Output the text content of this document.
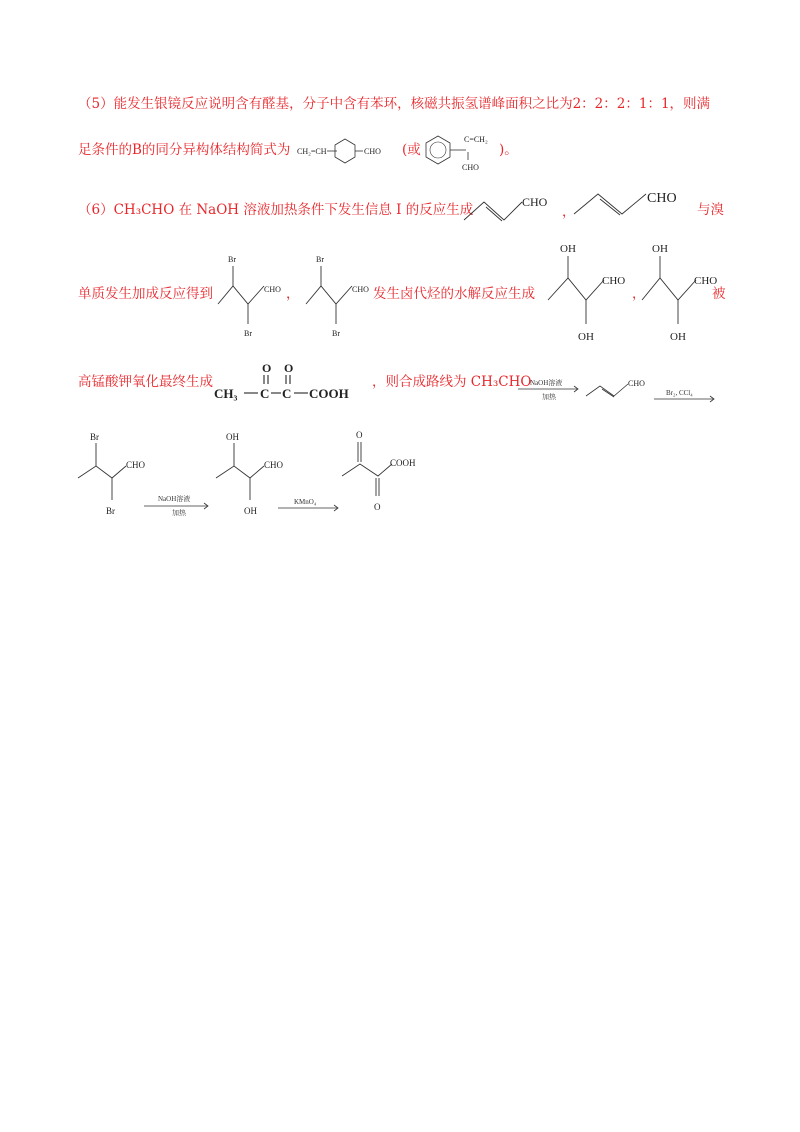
（5）能发生银镜反应说明含有醛基，分子中含有苯环，核磁共振氢谱峰面积之比为2：2：2：1：1，则满
足条件的B的同分异构体结构简式为 CH₂=CH	CHO (或
C=CH₂
CHO
)。
（6）CH₃CHO 在 NaOH 溶液加热条件下发生信息 I 的反应生成	CHO
，
CHO
与溴
单质发生加成反应得到
Br
CHO
Br
，
Br
CHO
Br
发生卤代烃的水解反应生成
OH
CHO
OH
，
OH
CHO
OH
被
高锰酸钾氧化最终生成
O O
CH₃ C C COOH
，则合成路线为 CH₃CHO
NaOH溶液
加热
CHO
Br₂, CCl₄
Br
CHO
Br
NaOH溶液
加热
OH
CHO
OH
KMnO₄
O
COOH
O
